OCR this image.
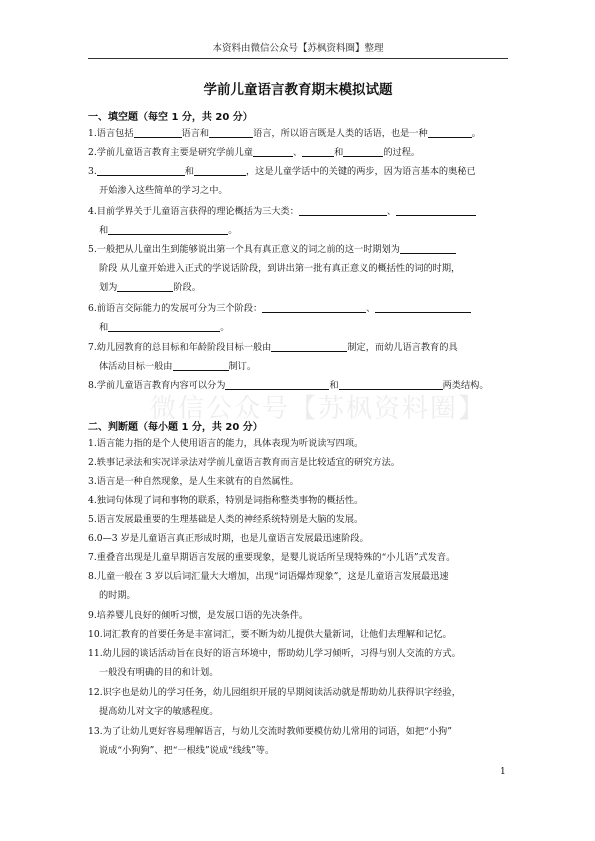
本资料由微信公众号【苏枫资料圈】整理
学前儿童语言教育期末模拟试题
微信公众号【苏枫资料圈】
一、填空题（每空 1 分，共 20 分）
1.语言包括	语言和	语言，所以语言既是人类的话语，也是一种	。
2.学前儿童语言教育主要是研究学前儿童	、	和	的过程。
3.	和	，这是儿童学话中的关键的两步，因为语言基本的奥秘已
开始渗入这些简单的学习之中。
4.目前学界关于儿童语言获得的理论概括为三大类：	、
和	。
5.一般把从儿童出生到能够说出第一个具有真正意义的词之前的这一时期划为
阶段 从儿童开始进入正式的学说话阶段，到讲出第一批有真正意义的概括性的词的时期，
划为	阶段。
6.前语言交际能力的发展可分为三个阶段：	、
和	。
7.幼儿园教育的总目标和年龄阶段目标一般由	制定，而幼儿语言教育的具
体活动目标一般由	制订。
8.学前儿童语言教育内容可以分为	和	两类结构。
二、判断题（每小题 1 分，共 20 分）
1.语言能力指的是个人使用语言的能力，具体表现为听说读写四项。
2.轶事记录法和实况详录法对学前儿童语言教育而言是比较适宜的研究方法。
3.语言是一种自然现象，是人生来就有的自然属性。
4.独词句体现了词和事物的联系，特别是词指称整类事物的概括性。
5.语言发展最重要的生理基础是人类的神经系统特别是大脑的发展。
6.0—3 岁是儿童语言真正形成时期，也是儿童语言发展最迅速阶段。
7.重叠音出现是儿童早期语言发展的重要现象，是婴儿说话所呈现特殊的“小儿语”式发音。
8.儿童一般在 3 岁以后词汇量大大增加，出现“词语爆炸现象”，这是儿童语言发展最迅速
的时期。
9.培养婴儿良好的倾听习惯，是发展口语的先决条件。
10.词汇教育的首要任务是丰富词汇，要不断为幼儿提供大量新词，让他们去理解和记忆。
11.幼儿园的谈话活动旨在良好的语言环境中，帮助幼儿学习倾听，习得与别人交流的方式。
一般没有明确的目的和计划。
12.识字也是幼儿的学习任务，幼儿园组织开展的早期阅读活动就是帮助幼儿获得识字经验，
提高幼儿对文字的敏感程度。
13.为了让幼儿更好容易理解语言，与幼儿交流时教师要模仿幼儿常用的词语，如把“小狗”
说成“小狗狗”、把“一根线”说成“线线”等。
1
